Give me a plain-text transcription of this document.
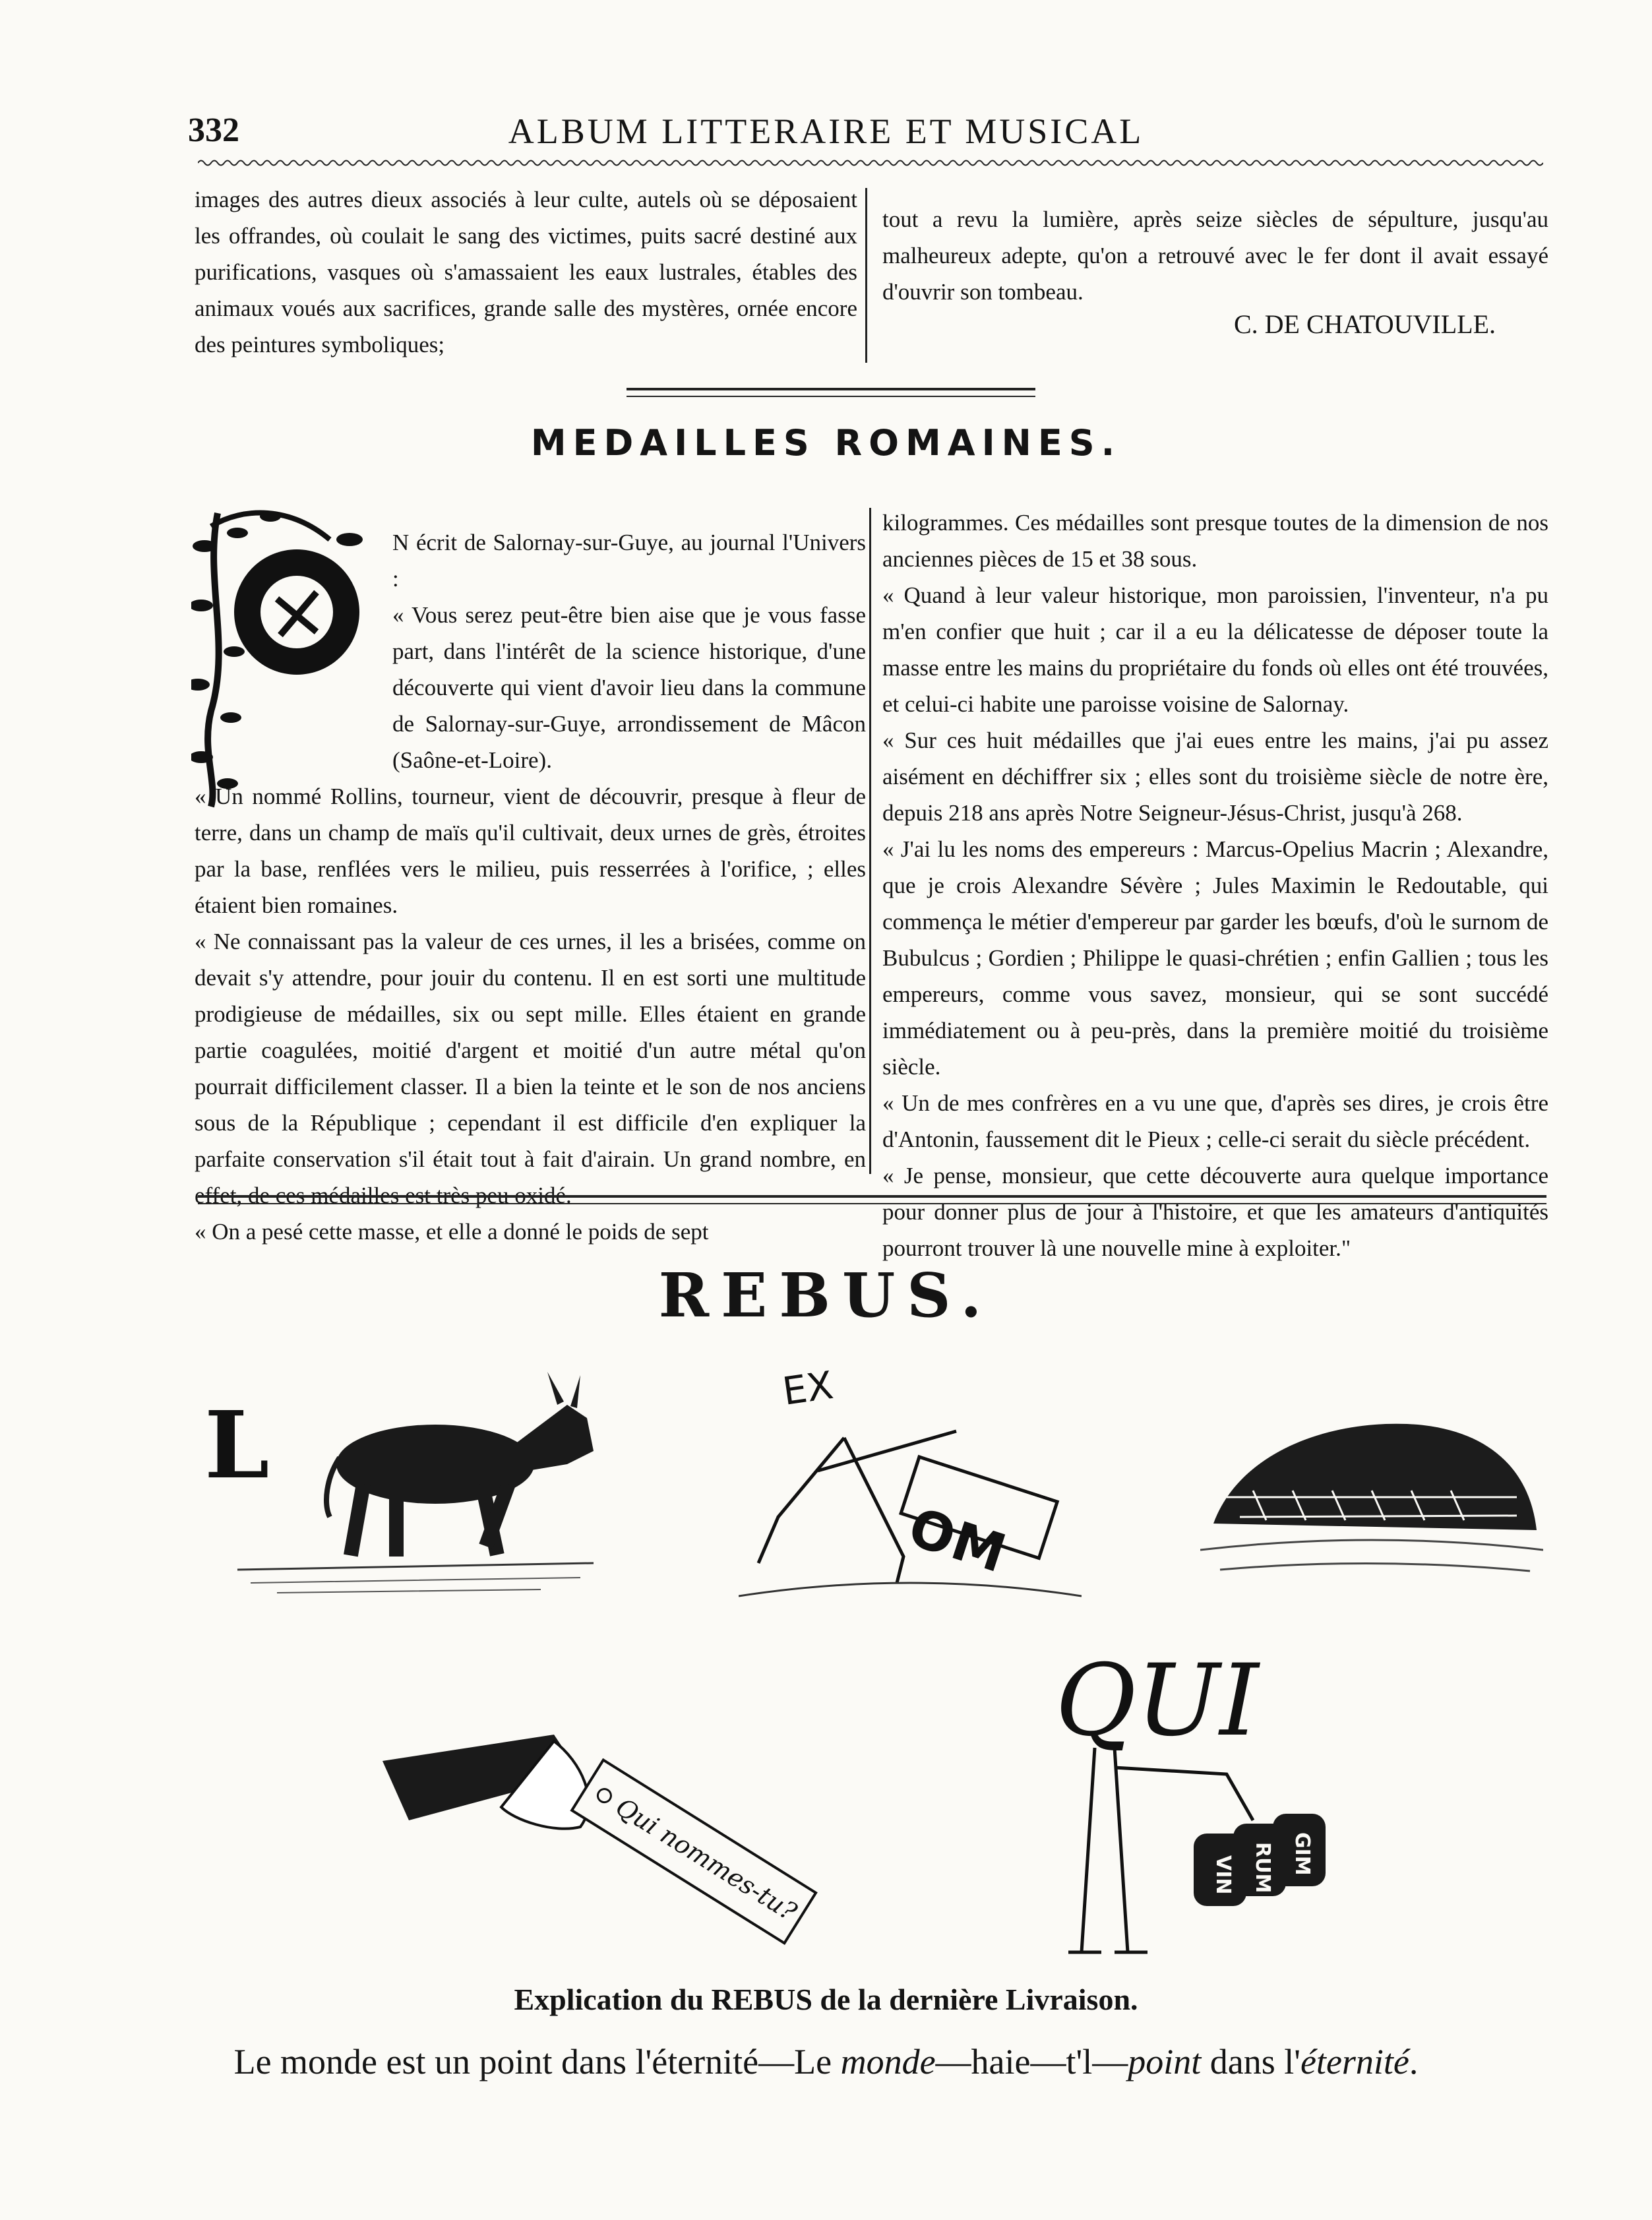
332	ALBUM LITTERAIRE ET MUSICAL

images des autres dieux associés à leur culte, autels où se déposaient les offrandes, où coulait le sang des victimes, puits sacré destiné aux purifications, vasques où s'amassaient les eaux lustrales, étables des animaux voués aux sacrifices, grande salle des mystères, ornée encore des peintures symboliques;

tout a revu la lumière, après seize siècles de sépulture, jusqu'au malheureux adepte, qu'on a retrouvé avec le fer dont il avait essayé d'ouvrir son tombeau.

C. DE CHATOUVILLE.
MEDAILLES ROMAINES.

N écrit de Salornay-sur-Guye, au journal l'Univers :

« Vous serez peut-être bien aise que je vous fasse part, dans l'intérêt de la science historique, d'une découverte qui vient d'avoir lieu dans la commune de Salornay-sur-Guye, arrondissement de Mâcon (Saône-et-Loire).

« Un nommé Rollins, tourneur, vient de découvrir, presque à fleur de terre, dans un champ de maïs qu'il cultivait, deux urnes de grès, étroites par la base, renflées vers le milieu, puis resserrées à l'orifice, ; elles étaient bien romaines.

« Ne connaissant pas la valeur de ces urnes, il les a brisées, comme on devait s'y attendre, pour jouir du contenu. Il en est sorti une multitude prodigieuse de médailles, six ou sept mille. Elles étaient en grande partie coagulées, moitié d'argent et moitié d'un autre métal qu'on pourrait difficilement classer. Il a bien la teinte et le son de nos anciens sous de la République ; cependant il est difficile d'en expliquer la parfaite conservation s'il était tout à fait d'airain. Un grand nombre, en effet, de ces médailles est très peu oxidé.

« On a pesé cette masse, et elle a donné le poids de sept

kilogrammes. Ces médailles sont presque toutes de la dimension de nos anciennes pièces de 15 et 38 sous.

« Quand à leur valeur historique, mon paroissien, l'inventeur, n'a pu m'en confier que huit ; car il a eu la délicatesse de déposer toute la masse entre les mains du propriétaire du fonds où elles ont été trouvées, et celui-ci habite une paroisse voisine de Salornay.

« Sur ces huit médailles que j'ai eues entre les mains, j'ai pu assez aisément en déchiffrer six ; elles sont du troisième siècle de notre ère, depuis 218 ans après Notre Seigneur-Jésus-Christ, jusqu'à 268.

« J'ai lu les noms des empereurs : Marcus-Opelius Macrin ; Alexandre, que je crois Alexandre Sévère ; Jules Maximin le Redoutable, qui commença le métier d'empereur par garder les bœufs, d'où le surnom de Bubulcus ; Gordien ; Philippe le quasi-chrétien ; enfin Gallien ; tous les empereurs, comme vous savez, monsieur, qui se sont succédé immédiatement ou à peu-près, dans la première moitié du troisième siècle.

« Un de mes confrères en a vu une que, d'après ses dires, je crois être d'Antonin, faussement dit le Pieux ; celle-ci serait du siècle précédent.

« Je pense, monsieur, que cette découverte aura quelque importance pour donner plus de jour à l'histoire, et que les amateurs d'antiquités pourront trouver là une nouvelle mine à exploiter."

REBUS.
L
EX
OM
Qui nommes-tu?
QUI
VIN RUM GIM
Explication du REBUS de la dernière Livraison.
Le monde est un point dans l'éternité—Le monde—haie—t'l—point dans l'éternité.
